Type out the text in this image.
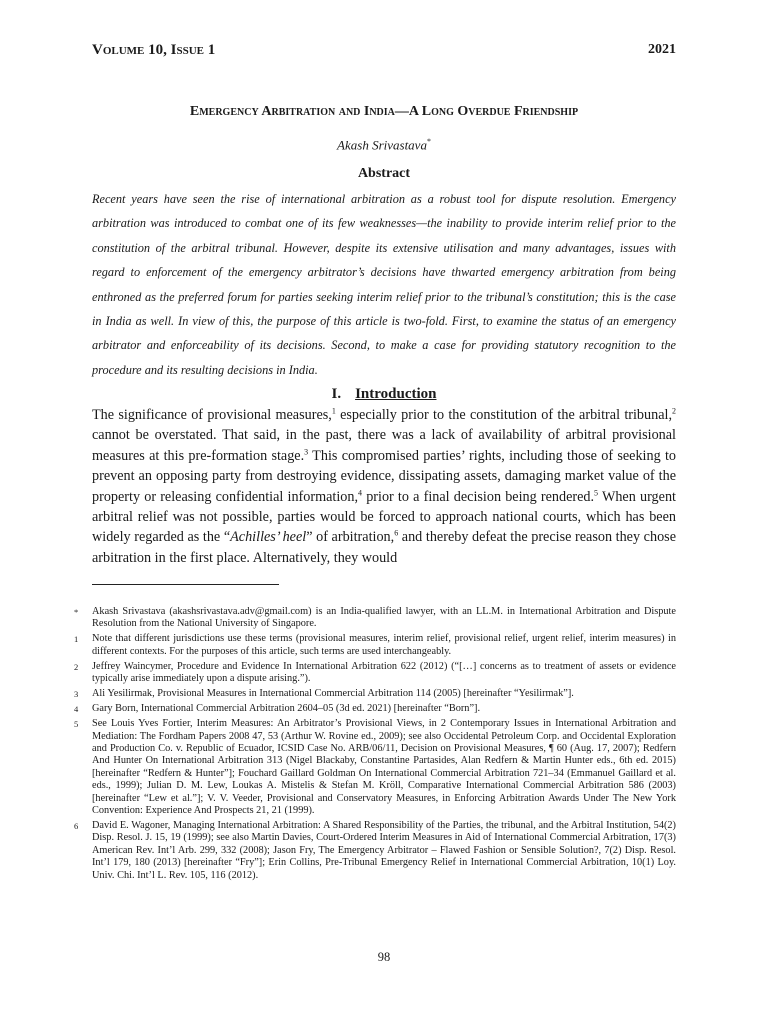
Volume 10, Issue 1	2021
Emergency Arbitration and India—A Long Overdue Friendship
Akash Srivastava*
Abstract

Recent years have seen the rise of international arbitration as a robust tool for dispute resolution. Emergency arbitration was introduced to combat one of its few weaknesses—the inability to provide interim relief prior to the constitution of the arbitral tribunal. However, despite its extensive utilisation and many advantages, issues with regard to enforcement of the emergency arbitrator’s decisions have thwarted emergency arbitration from being enthroned as the preferred forum for parties seeking interim relief prior to the tribunal’s constitution; this is the case in India as well. In view of this, the purpose of this article is two-fold. First, to examine the status of an emergency arbitrator and enforceability of its decisions. Second, to make a case for providing statutory recognition to the procedure and its resulting decisions in India.

I. Introduction

The significance of provisional measures,$^1$ especially prior to the constitution of the arbitral tribunal,$^2$ cannot be overstated. That said, in the past, there was a lack of availability of arbitral provisional measures at this pre-formation stage.$^3$ This compromised parties’ rights, including those of seeking to prevent an opposing party from destroying evidence, dissipating assets, damaging market value of the property or releasing confidential information,$^4$ prior to a final decision being rendered.$^5$ When urgent arbitral relief was not possible, parties would be forced to approach national courts, which has been widely regarded as the “Achilles’ heel” of arbitration,$^6$ and thereby defeat the precise reason they chose arbitration in the first place. Alternatively, they would

* Akash Srivastava (akashsrivastava.adv@gmail.com) is an India-qualified lawyer, with an LL.M. in International Arbitration and Dispute Resolution from the National University of Singapore.
1 Note that different jurisdictions use these terms (provisional measures, interim relief, provisional relief, urgent relief, interim measures) in different contexts. For the purposes of this article, such terms are used interchangeably.
2 Jeffrey Waincymer, Procedure and Evidence In International Arbitration 622 (2012) (“[…] concerns as to treatment of assets or evidence typically arise immediately upon a dispute arising.”).
3 Ali Yesilirmak, Provisional Measures in International Commercial Arbitration 114 (2005) [hereinafter “Yesilirmak”].
4 Gary Born, International Commercial Arbitration 2604–05 (3d ed. 2021) [hereinafter “Born”].
5 See Louis Yves Fortier, Interim Measures: An Arbitrator’s Provisional Views, in 2 Contemporary Issues in International Arbitration and Mediation: The Fordham Papers 2008 47, 53 (Arthur W. Rovine ed., 2009); see also Occidental Petroleum Corp. and Occidental Exploration and Production Co. v. Republic of Ecuador, ICSID Case No. ARB/06/11, Decision on Provisional Measures, ¶ 60 (Aug. 17, 2007); Redfern And Hunter On International Arbitration 313 (Nigel Blackaby, Constantine Partasides, Alan Redfern & Martin Hunter eds., 6th ed. 2015) [hereinafter “Redfern & Hunter”]; Fouchard Gaillard Goldman On International Commercial Arbitration 721–34 (Emmanuel Gaillard et al. eds., 1999); Julian D. M. Lew, Loukas A. Mistelis & Stefan M. Kröll, Comparative International Commercial Arbitration 586 (2003) [hereinafter “Lew et al.”]; V. V. Veeder, Provisional and Conservatory Measures, in Enforcing Arbitration Awards Under The New York Convention: Experience And Prospects 21, 21 (1999).
6 David E. Wagoner, Managing International Arbitration: A Shared Responsibility of the Parties, the tribunal, and the Arbitral Institution, 54(2) Disp. Resol. J. 15, 19 (1999); see also Martin Davies, Court-Ordered Interim Measures in Aid of International Commercial Arbitration, 17(3) American Rev. Int’l Arb. 299, 332 (2008); Jason Fry, The Emergency Arbitrator – Flawed Fashion or Sensible Solution?, 7(2) Disp. Resol. Int’l 179, 180 (2013) [hereinafter “Fry”]; Erin Collins, Pre-Tribunal Emergency Relief in International Commercial Arbitration, 10(1) Loy. Univ. Chi. Int’l L. Rev. 105, 116 (2012).
98
